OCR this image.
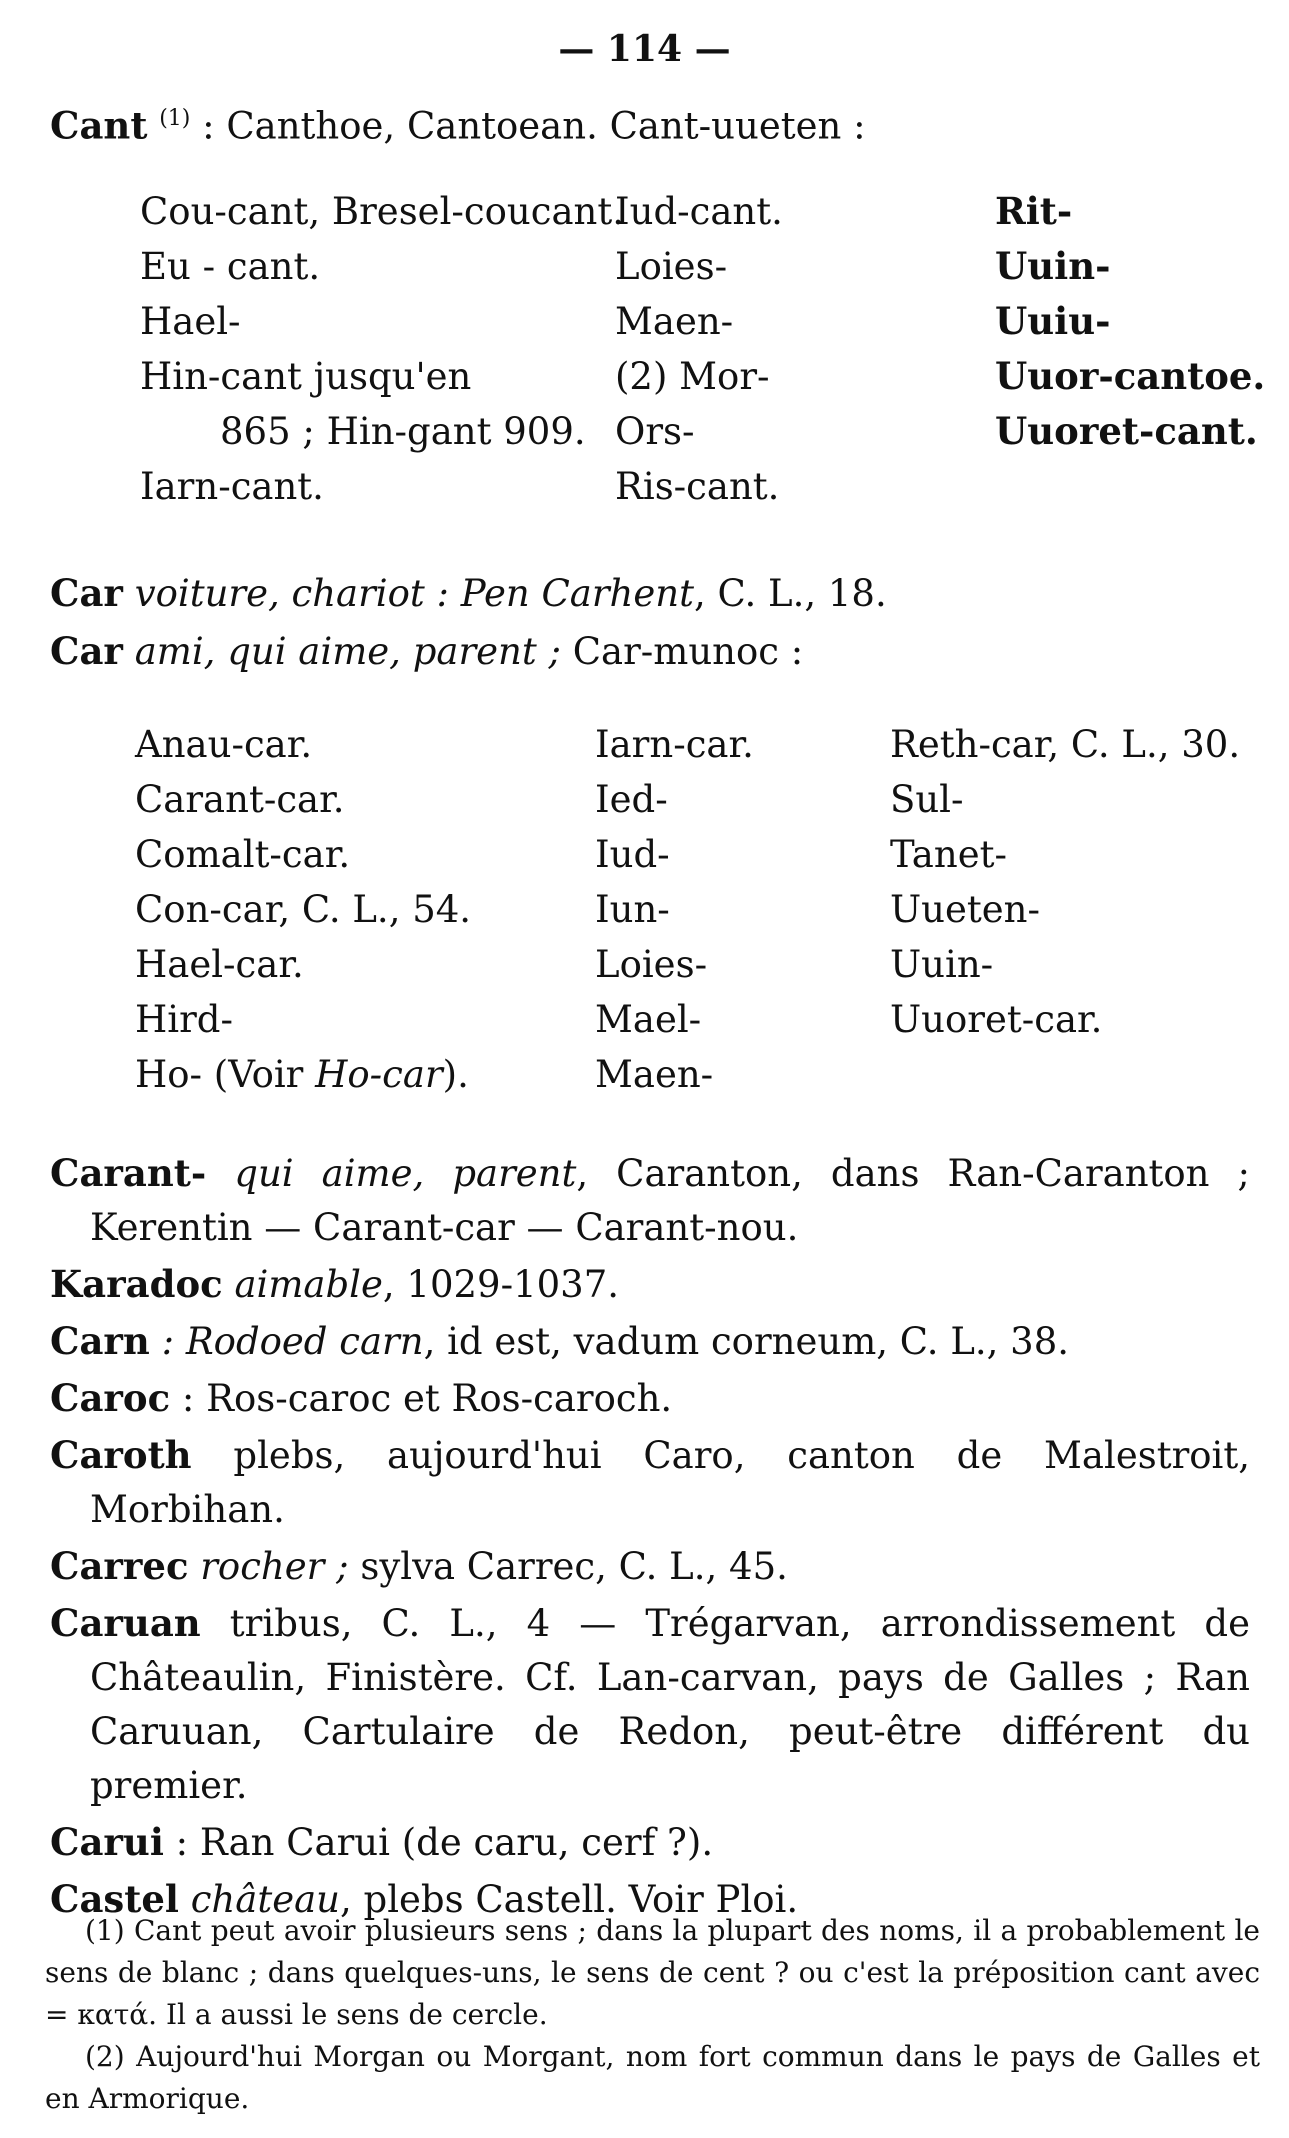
— 114 —
Cant $^{(1)}$ : Canthoe, Cantoean. Cant-uueten :
Cou-cant, Bresel-coucant.
Eu - cant.
Hael-
Hin-cant jusqu'en
865 ; Hin-gant 909.
Iarn-cant.
Iud-cant.
Loies-
Maen-
(2) Mor-
Ors-
Ris-cant.
Rit-
Uuin-
Uuiu-
Uuor-cantoe.
Uuoret-cant.
Car voiture, chariot : Pen Carhent, C. L., 18.
Car ami, qui aime, parent ; Car-munoc :
Anau-car.
Carant-car.
Comalt-car.
Con-car, C. L., 54.
Hael-car.
Hird-
Ho- (Voir Ho-car).
Iarn-car.
Ied-
Iud-
Iun-
Loies-
Mael-
Maen-
Reth-car, C. L., 30.
Sul-
Tanet-
Uueten-
Uuin-
Uuoret-car.
Carant- qui aime, parent, Caranton, dans Ran-Caranton ; Kerentin — Carant-car — Carant-nou.
Karadoc aimable, 1029-1037.
Carn : Rodoed carn, id est, vadum corneum, C. L., 38.
Caroc : Ros-caroc et Ros-caroch.
Caroth plebs, aujourd'hui Caro, canton de Malestroit, Morbihan.
Carrec rocher ; sylva Carrec, C. L., 45.
Caruan tribus, C. L., 4 — Trégarvan, arrondissement de Châteaulin, Finistère. Cf. Lan-carvan, pays de Galles ; Ran Caruuan, Cartulaire de Redon, peut-être différent du premier.
Carui : Ran Carui (de caru, cerf ?).
Castel château, plebs Castell. Voir Ploi.
(1) Cant peut avoir plusieurs sens ; dans la plupart des noms, il a probablement le sens de blanc ; dans quelques-uns, le sens de cent ? ou c'est la préposition cant avec = κατά. Il a aussi le sens de cercle.
(2) Aujourd'hui Morgan ou Morgant, nom fort commun dans le pays de Galles et en Armorique.
